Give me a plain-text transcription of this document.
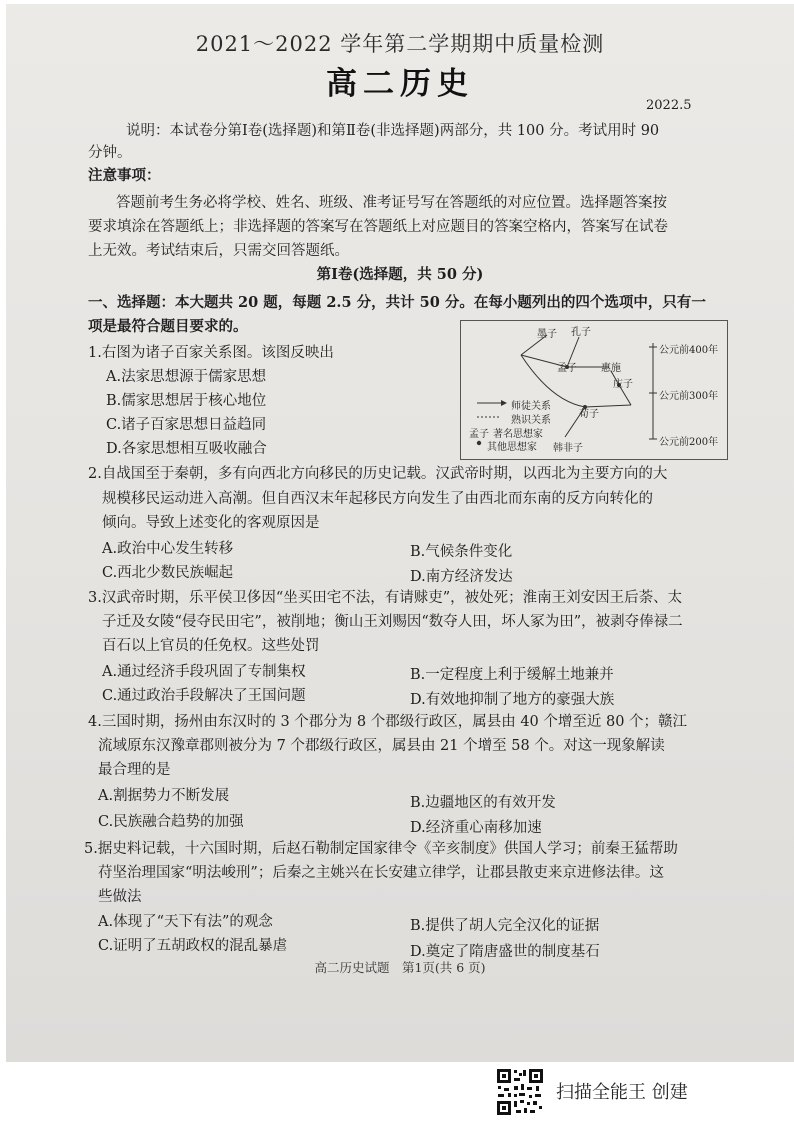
2021～2022 学年第二学期期中质量检测
高二历史
2022.5
说明：本试卷分第Ⅰ卷(选择题)和第Ⅱ卷(非选择题)两部分，共 100 分。考试用时 90
分钟。
注意事项：
答题前考生务必将学校、姓名、班级、准考证号写在答题纸的对应位置。选择题答案按
要求填涂在答题纸上；非选择题的答案写在答题纸上对应题目的答案空格内，答案写在试卷
上无效。考试结束后，只需交回答题纸。
第Ⅰ卷(选择题，共 50 分)
一、选择题：本大题共 20 题，每题 2.5 分，共计 50 分。在每小题列出的四个选项中，只有一
项是最符合题目要求的。	墨子 孔子
孟子 惠施
庄子
荀子
韩非子
公元前400年
公元前300年
公元前200年
师徒关系
熟识关系
孟子 著名思想家
其他思想家
1.右图为诸子百家关系图。该图反映出
A.法家思想源于儒家思想
B.儒家思想居于核心地位
C.诸子百家思想日益趋同
D.各家思想相互吸收融合
2.自战国至于秦朝，多有向西北方向移民的历史记载。汉武帝时期，以西北为主要方向的大
规模移民运动进入高潮。但自西汉末年起移民方向发生了由西北而东南的反方向转化的
倾向。导致上述变化的客观原因是
A.政治中心发生转移	B.气候条件变化
C.西北少数民族崛起	D.南方经济发达
3.汉武帝时期，乐平侯卫侈因“坐买田宅不法，有请赇吏”，被处死；淮南王刘安因王后荼、太
子迁及女陵“侵夺民田宅”，被削地；衡山王刘赐因“数夺人田，坏人冢为田”，被剥夺俸禄二
百石以上官员的任免权。这些处罚
A.通过经济手段巩固了专制集权	B.一定程度上利于缓解土地兼并
C.通过政治手段解决了王国问题	D.有效地抑制了地方的豪强大族
4.三国时期，扬州由东汉时的 3 个郡分为 8 个郡级行政区，属县由 40 个增至近 80 个；赣江
流域原东汉豫章郡则被分为 7 个郡级行政区，属县由 21 个增至 58 个。对这一现象解读
最合理的是
A.割据势力不断发展	B.边疆地区的有效开发
C.民族融合趋势的加强	D.经济重心南移加速
5.据史料记载，十六国时期，后赵石勒制定国家律令《辛亥制度》供国人学习；前秦王猛帮助
苻坚治理国家“明法峻刑”；后秦之主姚兴在长安建立律学，让郡县散吏来京进修法律。这
些做法
A.体现了“天下有法”的观念	B.提供了胡人完全汉化的证据
C.证明了五胡政权的混乱暴虐	D.奠定了隋唐盛世的制度基石
高二历史试题　第1页(共 6 页)
扫描全能王 创建
